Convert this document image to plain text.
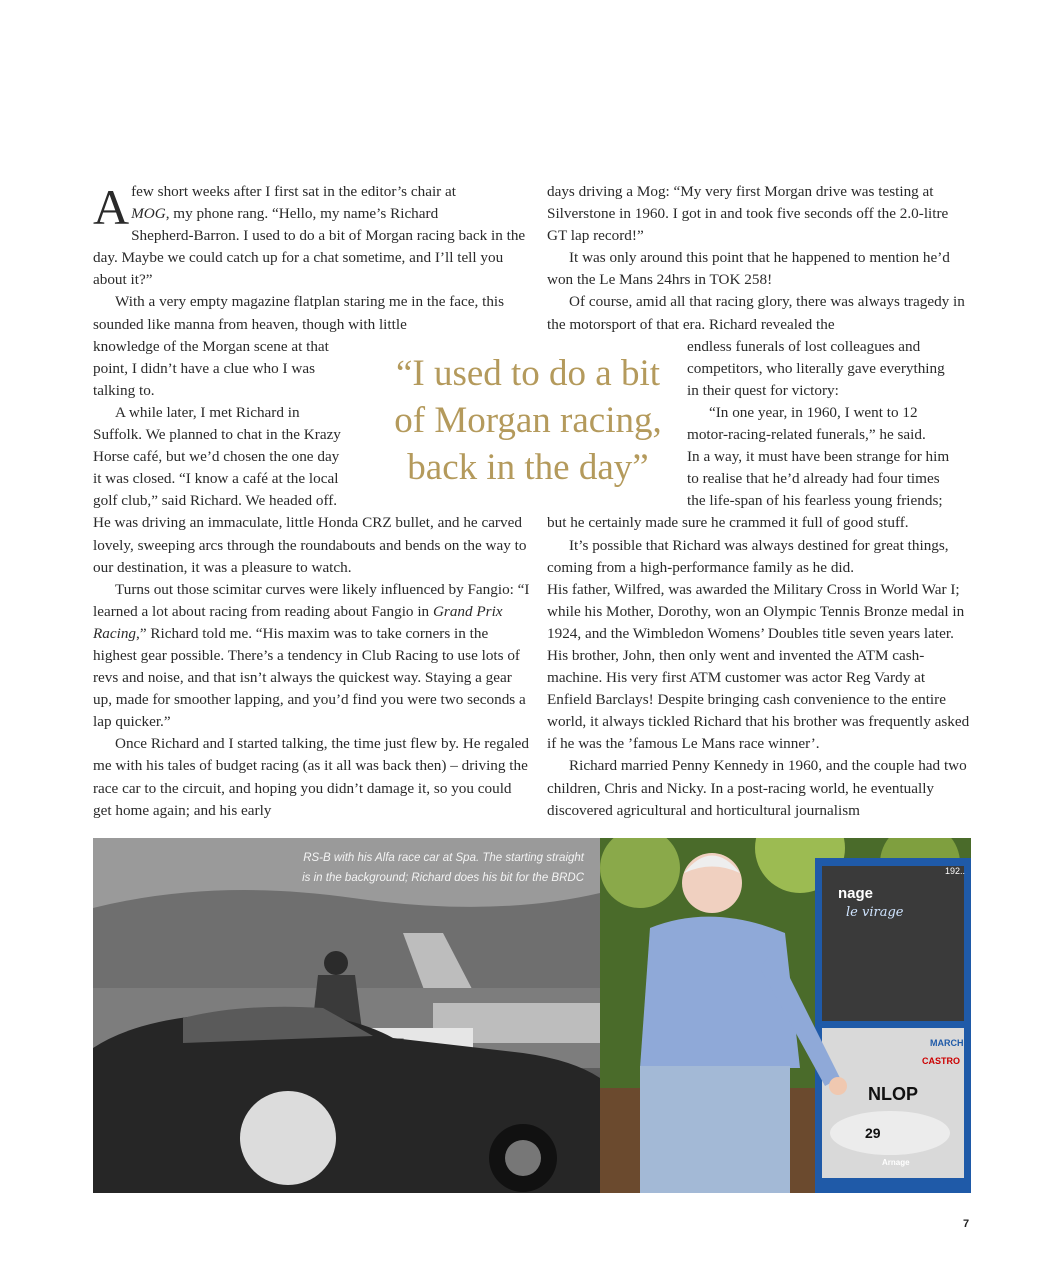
Afew short weeks after I first sat in the editor’s chair at
MOG, my phone rang. “Hello, my name’s Richard
Shepherd-Barron. I used to do a bit of Morgan racing back in the day. Maybe we could catch up for a chat sometime, and I’ll tell you about it?”

With a very empty magazine flatplan staring me in the face, this sounded like manna from heaven, though with little

knowledge of the Morgan scene at that
point, I didn’t have a clue who I was
talking to.
A while later, I met Richard in
Suffolk. We planned to chat in the Krazy
Horse café, but we’d chosen the one day
it was closed. “I know a café at the local
golf club,” said Richard. We headed off.

He was driving an immaculate, little Honda CRZ bullet, and he carved lovely, sweeping arcs through the roundabouts and bends on the way to our destination, it was a pleasure to watch.

Turns out those scimitar curves were likely influenced by Fangio: “I learned a lot about racing from reading about Fangio in Grand Prix Racing,” Richard told me. “His maxim was to take corners in the highest gear possible. There’s a tendency in Club Racing to use lots of revs and noise, and that isn’t always the quickest way. Staying a gear up, made for smoother lapping, and you’d find you were two seconds a lap quicker.”

Once Richard and I started talking, the time just flew by. He regaled me with his tales of budget racing (as it all was back then) – driving the race car to the circuit, and hoping you didn’t damage it, so you could get home again; and his early

days driving a Mog: “My very first Morgan drive was testing at Silverstone in 1960. I got in and took five seconds off the 2.0-litre GT lap record!”

It was only around this point that he happened to mention he’d won the Le Mans 24hrs in TOK 258!

Of course, amid all that racing glory, there was always tragedy in the motorsport of that era. Richard revealed the

endless funerals of lost colleagues and
competitors, who literally gave everything
in their quest for victory:
“In one year, in 1960, I went to 12
motor-racing-related funerals,” he said.
In a way, it must have been strange for him
to realise that he’d already had four times
the life-span of his fearless young friends;

but he certainly made sure he crammed it full of good stuff.

It’s possible that Richard was always destined for great things, coming from a high-performance family as he did.

His father, Wilfred, was awarded the Military Cross in World War I; while his Mother, Dorothy, won an Olympic Tennis Bronze medal in 1924, and the Wimbledon Womens’ Doubles title seven years later. His brother, John, then only went and invented the ATM cash-machine. His very first ATM customer was actor Reg Vardy at Enfield Barclays! Despite bringing cash convenience to the entire world, it always tickled Richard that his brother was frequently asked if he was the ’famous Le Mans race winner’.

Richard married Penny Kennedy in 1960, and the couple had two children, Chris and Nicky. In a post-racing world, he eventually discovered agricultural and horticultural journalism

“I used to do a bit
of Morgan racing,
back in the day”
RS-B with his Alfa race car at Spa. The starting straight
is in the background; Richard does his bit for the BRDC
192..
nage
le virage
MARCH
CASTRO
NLOP
29
Arnage
7
